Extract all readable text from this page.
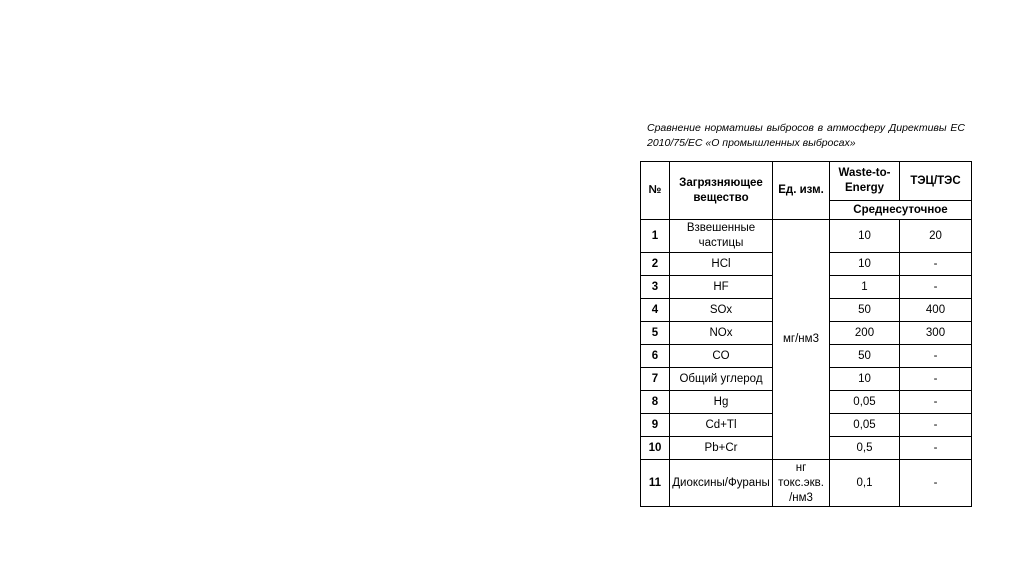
Сравнение нормативы выбросов в атмосферу Директивы ЕС 2010/75/ЕС «О промышленных выбросах»
№	Загрязняющее вещество	Ед. изм.	Waste-to-Energy	ТЭЦ/ТЭС
			Среднесуточное	
1	Взвешенные частицы	мг/нм3	10	20
2	HCl		10	-
3	HF		1	-
4	SOx		50	400
5	NOx		200	300
6	CO		50	-
7	Общий углерод		10	-
8	Hg		0,05	-
9	Cd+Tl		0,05	-
10	Pb+Cr		0,5	-
11	Диоксины/Фураны	нг токс.экв. /нм3	0,1	-
